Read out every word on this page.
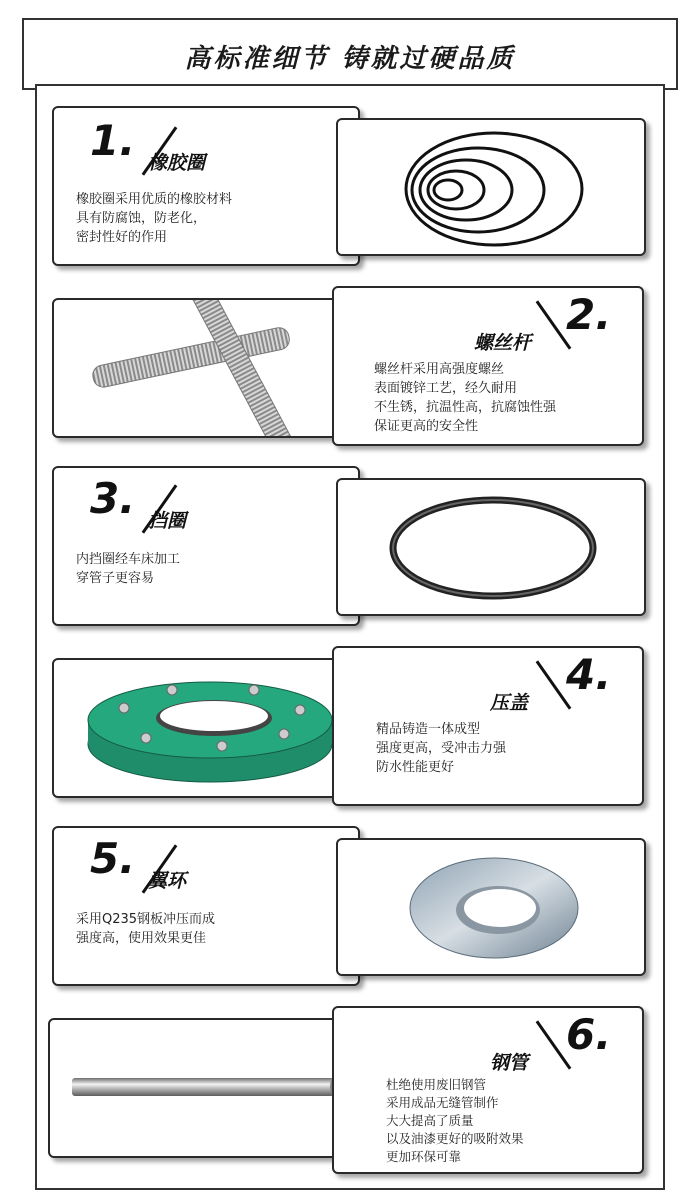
高标准细节 铸就过硬品质
1. 橡胶圈
橡胶圈采用优质的橡胶材料
具有防腐蚀，防老化，
密封性好的作用
螺丝杆
2.
螺丝杆采用高强度螺丝
表面镀锌工艺，经久耐用
不生锈，抗温性高，抗腐蚀性强
保证更高的安全性
3. 挡圈
内挡圈经车床加工
穿管子更容易
压盖
4.
精品铸造一体成型
强度更高，受冲击力强
防水性能更好
5. 翼环
采用Q235钢板冲压而成
强度高，使用效果更佳
钢管
6.
杜绝使用废旧钢管
采用成品无缝管制作
大大提高了质量
以及油漆更好的吸附效果
更加环保可靠
